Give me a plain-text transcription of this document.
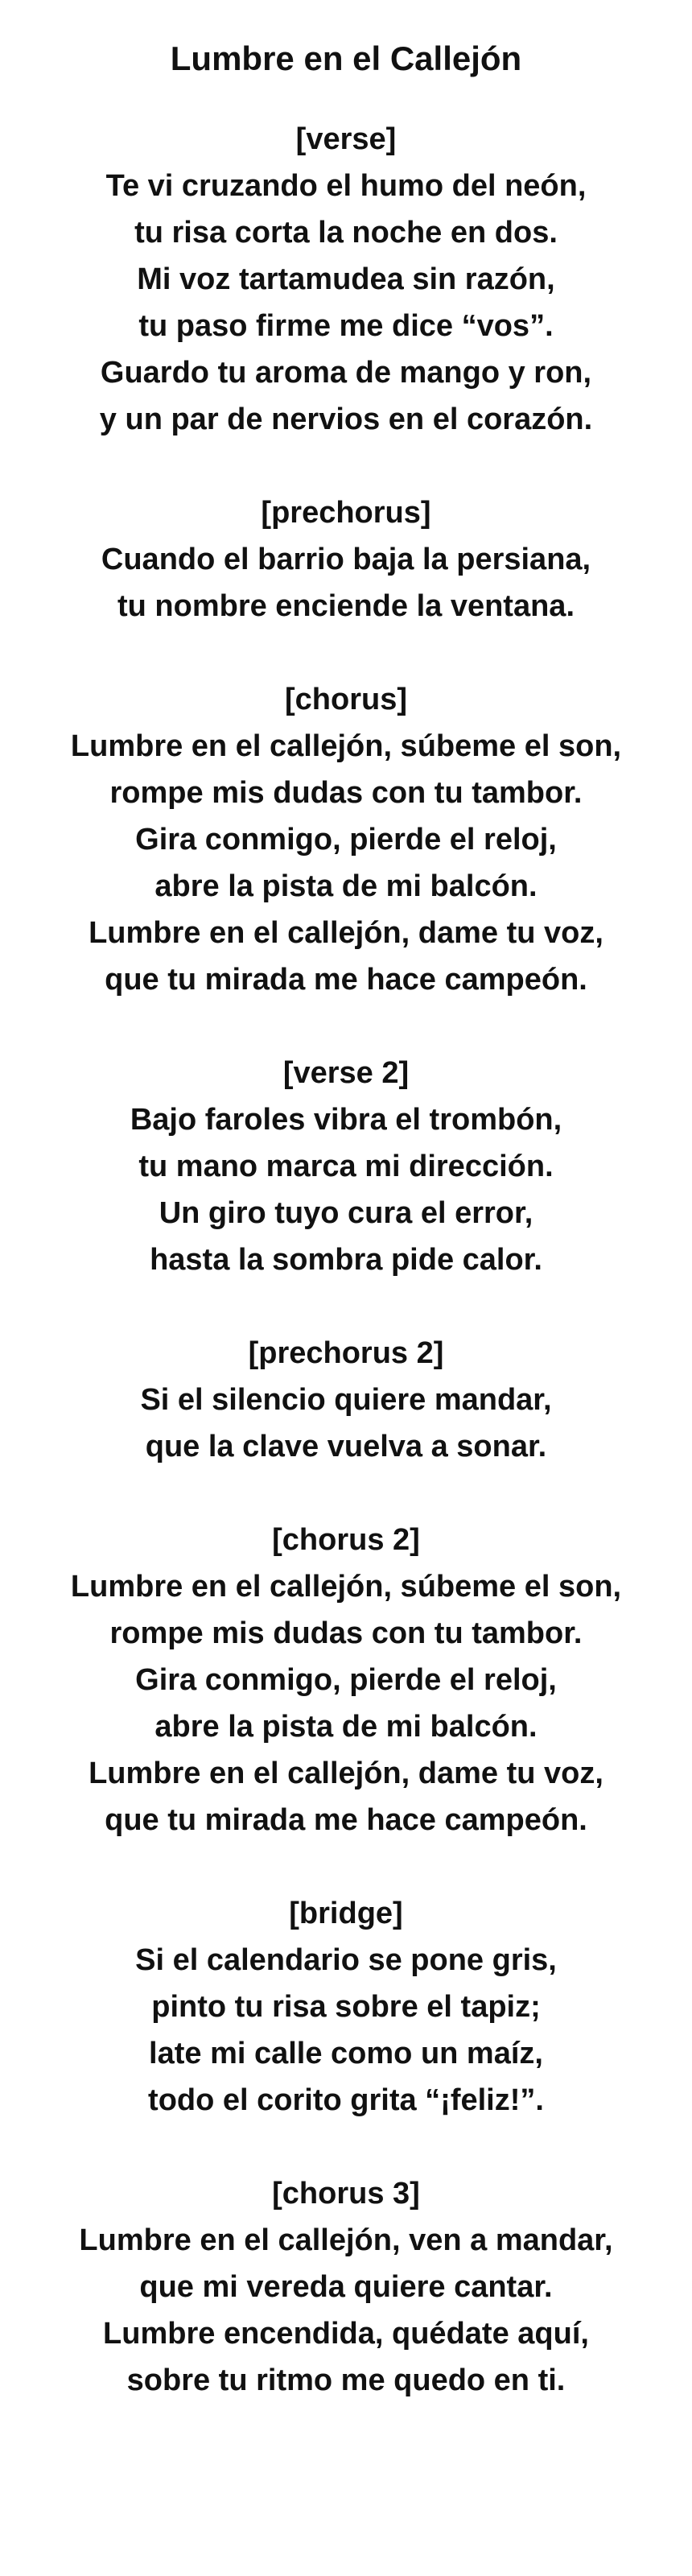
Lumbre en el Callejón

[verse]

Te vi cruzando el humo del neón,

tu risa corta la noche en dos.

Mi voz tartamudea sin razón,

tu paso firme me dice “vos”.

Guardo tu aroma de mango y ron,

y un par de nervios en el corazón.

[prechorus]

Cuando el barrio baja la persiana,

tu nombre enciende la ventana.

[chorus]

Lumbre en el callejón, súbeme el son,

rompe mis dudas con tu tambor.

Gira conmigo, pierde el reloj,

abre la pista de mi balcón.

Lumbre en el callejón, dame tu voz,

que tu mirada me hace campeón.

[verse 2]

Bajo faroles vibra el trombón,

tu mano marca mi dirección.

Un giro tuyo cura el error,

hasta la sombra pide calor.

[prechorus 2]

Si el silencio quiere mandar,

que la clave vuelva a sonar.

[chorus 2]

Lumbre en el callejón, súbeme el son,

rompe mis dudas con tu tambor.

Gira conmigo, pierde el reloj,

abre la pista de mi balcón.

Lumbre en el callejón, dame tu voz,

que tu mirada me hace campeón.

[bridge]

Si el calendario se pone gris,

pinto tu risa sobre el tapiz;

late mi calle como un maíz,

todo el corito grita “¡feliz!”.

[chorus 3]

Lumbre en el callejón, ven a mandar,

que mi vereda quiere cantar.

Lumbre encendida, quédate aquí,

sobre tu ritmo me quedo en ti.
